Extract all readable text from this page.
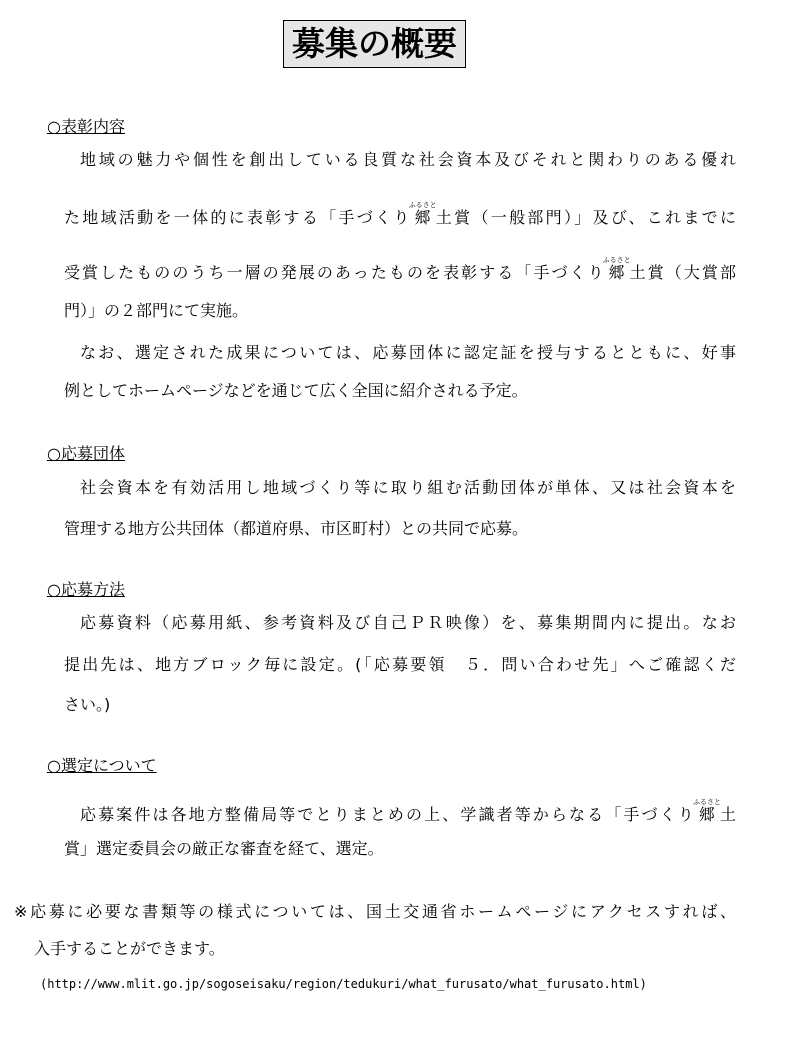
募集の概要
○表彰内容
地域の魅力や個性を創出している良質な社会資本及びそれと関わりのある優れ
た地域活動を一体的に表彰する「手づくり郷ふるさと土賞（一般部門）」及び、これまでに
受賞したもののうち一層の発展のあったものを表彰する「手づくり郷ふるさと土賞（大賞部
門）」の２部門にて実施。
なお、選定された成果については、応募団体に認定証を授与するとともに、好事
例としてホームページなどを通じて広く全国に紹介される予定。
○応募団体
社会資本を有効活用し地域づくり等に取り組む活動団体が単体、又は社会資本を
管理する地方公共団体（都道府県、市区町村）との共同で応募。
○応募方法
応募資料（応募用紙、参考資料及び自己ＰＲ映像）を、募集期間内に提出。なお
提出先は、地方ブロック毎に設定。(「応募要領　５．問い合わせ先」へご確認くだ
さい。)
○選定について
応募案件は各地方整備局等でとりまとめの上、学識者等からなる「手づくり郷ふるさと土
賞」選定委員会の厳正な審査を経て、選定。
※応募に必要な書類等の様式については、国土交通省ホームページにアクセスすれば、
入手することができます。
(http://www.mlit.go.jp/sogoseisaku/region/tedukuri/what_furusato/what_furusato.html)
